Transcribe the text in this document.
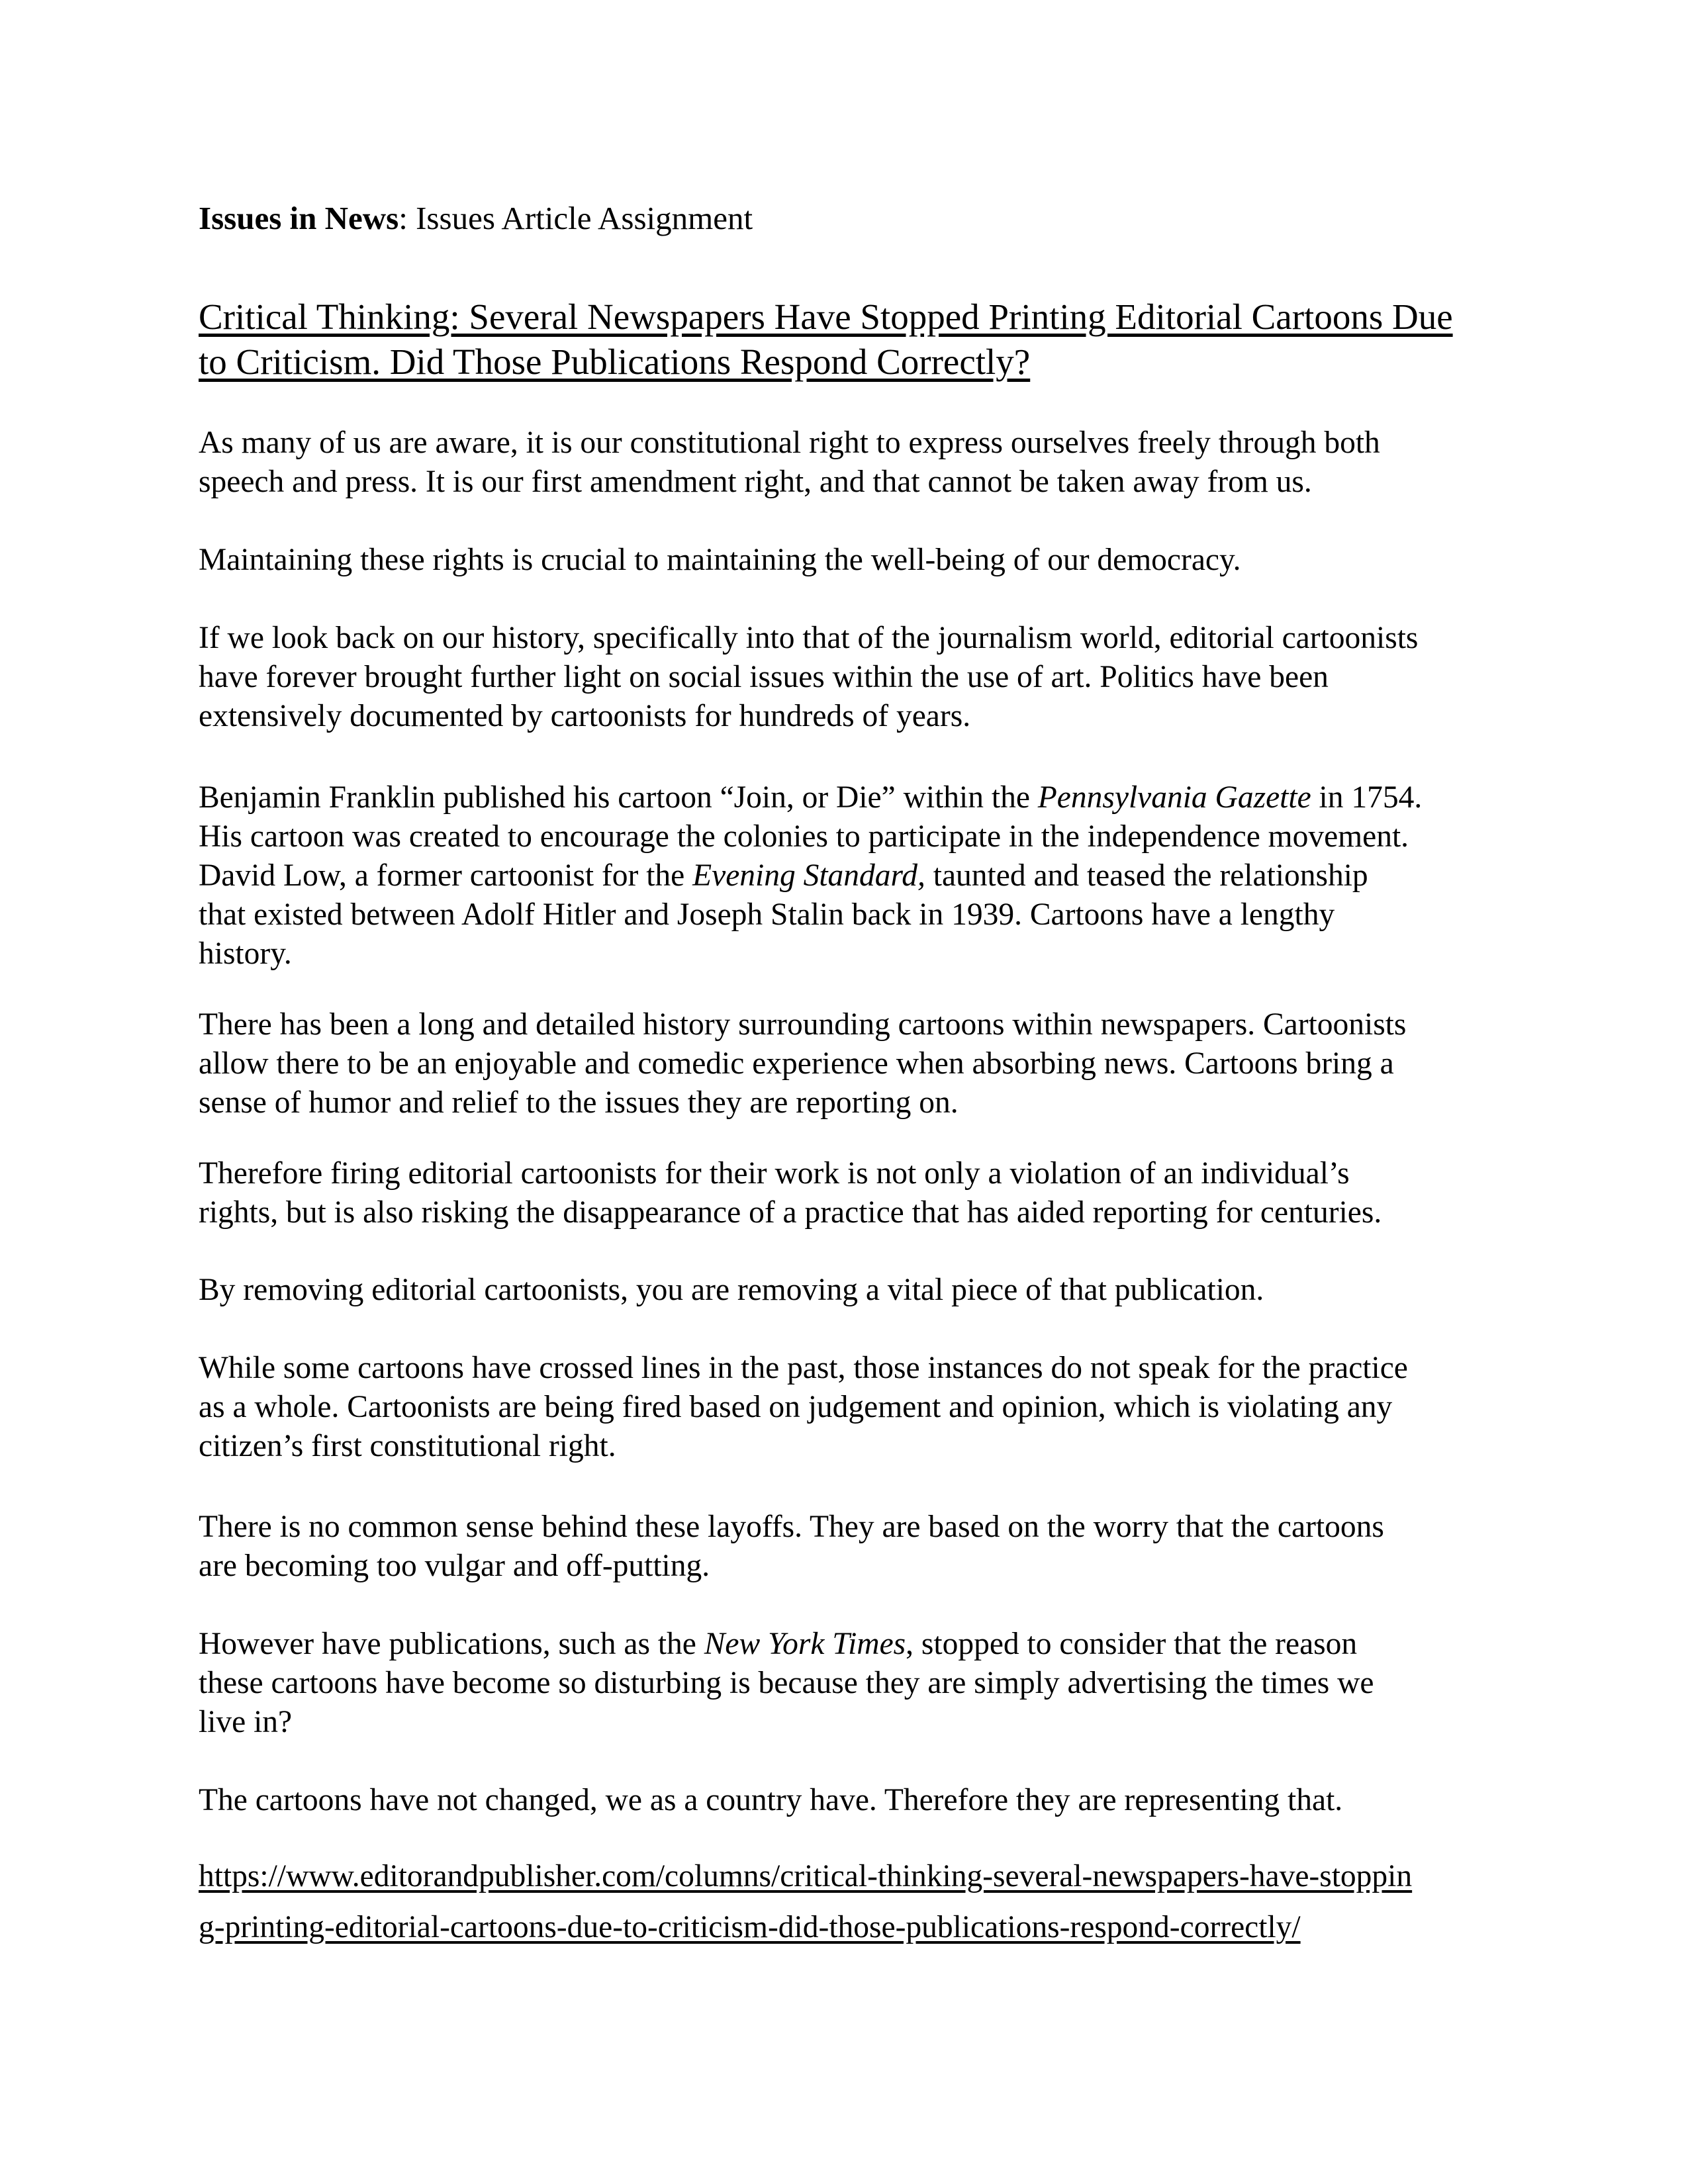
Issues in News: Issues Article Assignment
Critical Thinking: Several Newspapers Have Stopped Printing Editorial Cartoons Due
to Criticism. Did Those Publications Respond Correctly?
As many of us are aware, it is our constitutional right to express ourselves freely through both
speech and press. It is our first amendment right, and that cannot be taken away from us.
Maintaining these rights is crucial to maintaining the well-being of our democracy.
If we look back on our history, specifically into that of the journalism world, editorial cartoonists
have forever brought further light on social issues within the use of art. Politics have been
extensively documented by cartoonists for hundreds of years.
Benjamin Franklin published his cartoon “Join, or Die” within the Pennsylvania Gazette in 1754.
His cartoon was created to encourage the colonies to participate in the independence movement.
David Low, a former cartoonist for the Evening Standard, taunted and teased the relationship
that existed between Adolf Hitler and Joseph Stalin back in 1939. Cartoons have a lengthy
history.
There has been a long and detailed history surrounding cartoons within newspapers. Cartoonists
allow there to be an enjoyable and comedic experience when absorbing news. Cartoons bring a
sense of humor and relief to the issues they are reporting on.
Therefore firing editorial cartoonists for their work is not only a violation of an individual’s
rights, but is also risking the disappearance of a practice that has aided reporting for centuries.
By removing editorial cartoonists, you are removing a vital piece of that publication.
While some cartoons have crossed lines in the past, those instances do not speak for the practice
as a whole. Cartoonists are being fired based on judgement and opinion, which is violating any
citizen’s first constitutional right.
There is no common sense behind these layoffs. They are based on the worry that the cartoons
are becoming too vulgar and off-putting.
However have publications, such as the New York Times, stopped to consider that the reason
these cartoons have become so disturbing is because they are simply advertising the times we
live in?
The cartoons have not changed, we as a country have. Therefore they are representing that.
https://www.editorandpublisher.com/columns/critical-thinking-several-newspapers-have-stoppin
g-printing-editorial-cartoons-due-to-criticism-did-those-publications-respond-correctly/
